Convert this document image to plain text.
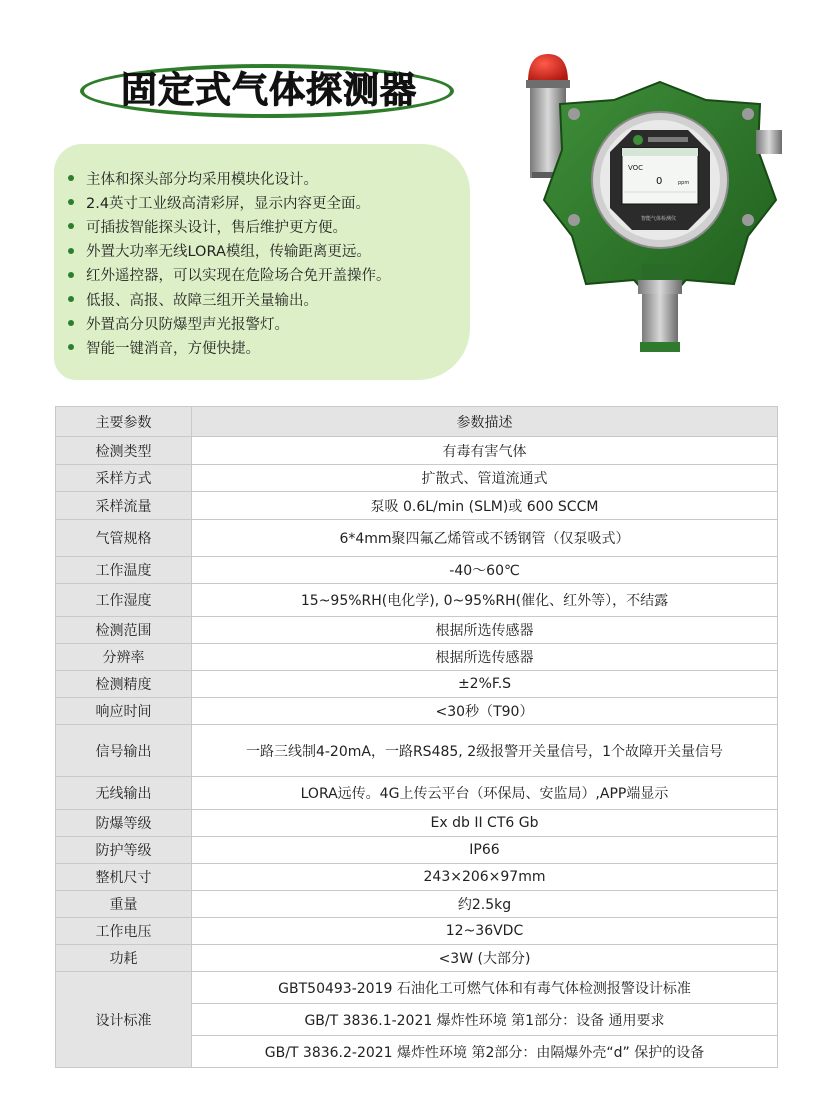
固定式气体探测器
主体和探头部分均采用模块化设计。
2.4英寸工业级高清彩屏，显示内容更全面。
可插拔智能探头设计，售后维护更方便。
外置大功率无线LORA模组，传输距离更远。
红外遥控器，可以实现在危险场合免开盖操作。
低报、高报、故障三组开关量输出。
外置高分贝防爆型声光报警灯。
智能一键消音，方便快捷。
VOC
0	ppm
智能气体检测仪
主要参数	参数描述
检测类型	有毒有害气体
采样方式	扩散式、管道流通式
采样流量	泵吸 0.6L/min (SLM)或 600 SCCM
气管规格	6*4mm聚四氟乙烯管或不锈钢管（仅泵吸式）
工作温度	-40～60℃
工作湿度	15~95%RH(电化学), 0~95%RH(催化、红外等），不结露
检测范围	根据所选传感器
分辨率	根据所选传感器
检测精度	±2%F.S
响应时间	<30秒（T90）
信号输出	一路三线制4-20mA，一路RS485, 2级报警开关量信号，1个故障开关量信号
无线输出	LORA远传。4G上传云平台（环保局、安监局）,APP端显示
防爆等级	Ex db II CT6 Gb
防护等级	IP66
整机尺寸	243×206×97mm
重量	约2.5kg
工作电压	12~36VDC
功耗	<3W (大部分)
设计标准	GBT50493-2019 石油化工可燃气体和有毒气体检测报警设计标准
	GB/T 3836.1-2021 爆炸性环境 第1部分：设备 通用要求
	GB/T 3836.2-2021 爆炸性环境 第2部分：由隔爆外壳“d” 保护的设备
